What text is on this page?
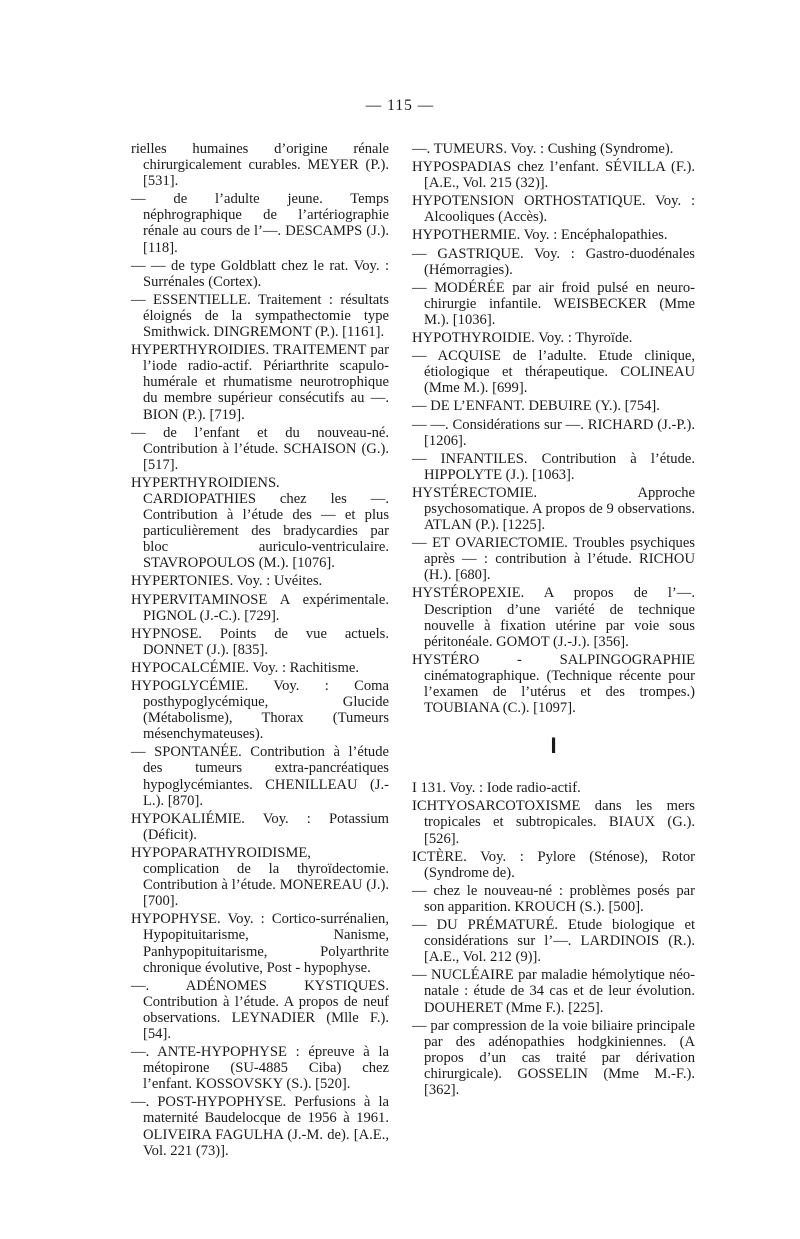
— 115 —

rielles humaines d’origine rénale chirurgicalement curables. MEYER (P.). [531].

— de l’adulte jeune. Temps néphrographique de l’artériographie rénale au cours de l’—. DESCAMPS (J.). [118].

— — de type Goldblatt chez le rat. Voy. : Surrénales (Cortex).

— ESSENTIELLE. Traitement : résultats éloignés de la sympathectomie type Smithwick. DINGREMONT (P.). [1161].

HYPERTHYROIDIES. TRAITEMENT par l’iode radio-actif. Périarthrite scapulo-humérale et rhumatisme neurotrophique du membre supérieur consécutifs au —. BION (P.). [719].

— de l’enfant et du nouveau-né. Contribution à l’étude. SCHAISON (G.). [517].

HYPERTHYROIDIENS. CARDIOPATHIES chez les —. Contribution à l’étude des — et plus particulièrement des bradycardies par bloc auriculo-ventriculaire. STAVROPOULOS (M.). [1076].

HYPERTONIES. Voy. : Uvéites.

HYPERVITAMINOSE A expérimentale. PIGNOL (J.-C.). [729].

HYPNOSE. Points de vue actuels. DONNET (J.). [835].

HYPOCALCÉMIE. Voy. : Rachitisme.

HYPOGLYCÉMIE. Voy. : Coma posthypoglycémique, Glucide (Métabolisme), Thorax (Tumeurs mésenchymateuses).

— SPONTANÉE. Contribution à l’étude des tumeurs extra-pancréatiques hypoglycémiantes. CHENILLEAU (J.-L.). [870].

HYPOKALIÉMIE. Voy. : Potassium (Déficit).

HYPOPARATHYROIDISME, complication de la thyroïdectomie. Contribution à l’étude. MONEREAU (J.). [700].

HYPOPHYSE. Voy. : Cortico-surrénalien, Hypopituitarisme, Nanisme, Panhypopituitarisme, Polyarthrite chronique évolutive, Post - hypophyse.

—. ADÉNOMES KYSTIQUES. Contribution à l’étude. A propos de neuf observations. LEYNADIER (Mlle F.). [54].

—. ANTE-HYPOPHYSE : épreuve à la métopirone (SU-4885 Ciba) chez l’enfant. KOSSOVSKY (S.). [520].

—. POST-HYPOPHYSE. Perfusions à la maternité Baudelocque de 1956 à 1961. OLIVEIRA FAGULHA (J.-M. de). [A.E., Vol. 221 (73)].

—. TUMEURS. Voy. : Cushing (Syndrome).

HYPOSPADIAS chez l’enfant. SÉVILLA (F.). [A.E., Vol. 215 (32)].

HYPOTENSION ORTHOSTATIQUE. Voy. : Alcooliques (Accès).

HYPOTHERMIE. Voy. : Encéphalopathies.

— GASTRIQUE. Voy. : Gastro-duodénales (Hémorragies).

— MODÉRÉE par air froid pulsé en neuro-chirurgie infantile. WEISBECKER (Mme M.). [1036].

HYPOTHYROIDIE. Voy. : Thyroïde.

— ACQUISE de l’adulte. Etude clinique, étiologique et thérapeutique. COLINEAU (Mme M.). [699].

— DE L’ENFANT. DEBUIRE (Y.). [754].

— —. Considérations sur —. RICHARD (J.-P.). [1206].

— INFANTILES. Contribution à l’étude. HIPPOLYTE (J.). [1063].

HYSTÉRECTOMIE. Approche psychosomatique. A propos de 9 observations. ATLAN (P.). [1225].

— ET OVARIECTOMIE. Troubles psychiques après — : contribution à l’étude. RICHOU (H.). [680].

HYSTÉROPEXIE. A propos de l’—. Description d’une variété de technique nouvelle à fixation utérine par voie sous péritonéale. GOMOT (J.-J.). [356].

HYSTÉRO - SALPINGOGRAPHIE cinématographique. (Technique récente pour l’examen de l’utérus et des trompes.) TOUBIANA (C.). [1097].

I

I 131. Voy. : Iode radio-actif.

ICHTYOSARCOTOXISME dans les mers tropicales et subtropicales. BIAUX (G.). [526].

ICTÈRE. Voy. : Pylore (Sténose), Rotor (Syndrome de).

— chez le nouveau-né : problèmes posés par son apparition. KROUCH (S.). [500].

— DU PRÉMATURÉ. Etude biologique et considérations sur l’—. LARDINOIS (R.). [A.E., Vol. 212 (9)].

— NUCLÉAIRE par maladie hémolytique néo-natale : étude de 34 cas et de leur évolution. DOUHERET (Mme F.). [225].

— par compression de la voie biliaire principale par des adénopathies hodgkiniennes. (A propos d’un cas traité par dérivation chirurgicale). GOSSELIN (Mme M.-F.). [362].
